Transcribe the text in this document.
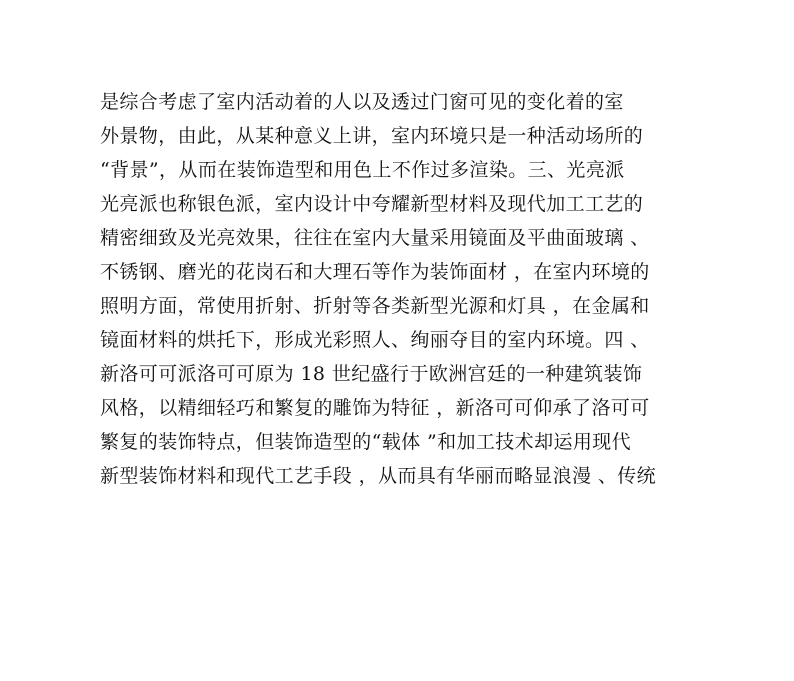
是综合考虑了室内活动着的人以及透过门窗可见的变化着的室
外景物，由此，从某种意义上讲，室内环境只是一种活动场所的
“背景”，从而在装饰造型和用色上不作过多渲染。三、光亮派
光亮派也称银色派，室内设计中夸耀新型材料及现代加工工艺的
精密细致及光亮效果，往往在室内大量采用镜面及平曲面玻璃 、
不锈钢、磨光的花岗石和大理石等作为装饰面材 ，在室内环境的
照明方面，常使用折射、折射等各类新型光源和灯具 ，在金属和
镜面材料的烘托下，形成光彩照人、绚丽夺目的室内环境。四 、
新洛可可派洛可可原为 18 世纪盛行于欧洲宫廷的一种建筑装饰
风格，以精细轻巧和繁复的雕饰为特征 ，新洛可可仰承了洛可可
繁复的装饰特点，但装饰造型的“载体 ”和加工技术却运用现代
新型装饰材料和现代工艺手段 ，从而具有华丽而略显浪漫 、传统
